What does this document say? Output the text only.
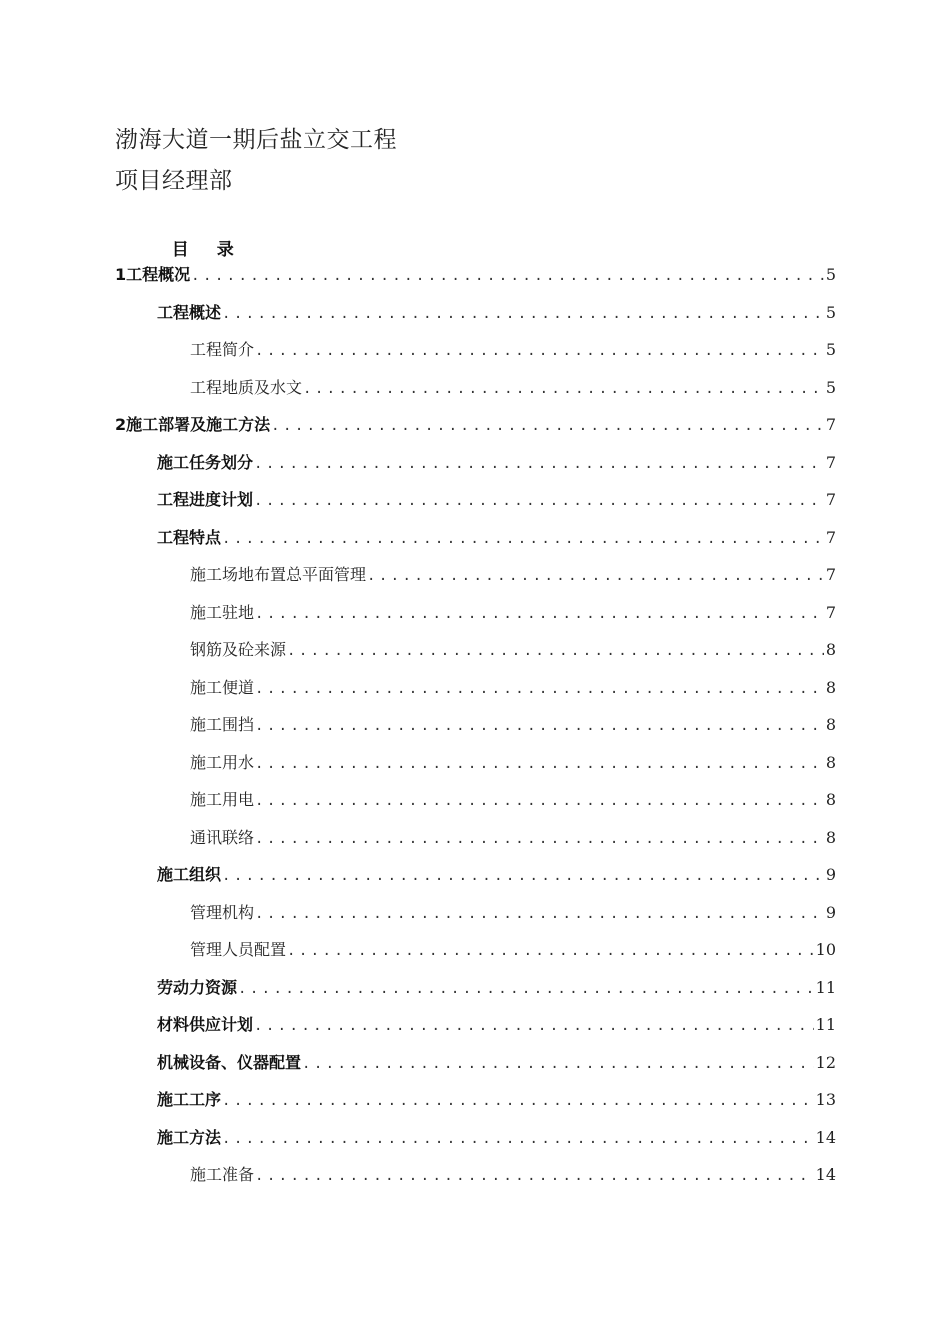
渤海大道一期后盐立交工程
项目经理部

目 录

1 工程概况 .....	5
工程概述 .....	5
工程简介 .....	5
工程地质及水文 .....	5
2 施工部署及施工方法 .....	7
施工任务划分 .....	7
工程进度计划 .....	7
工程特点 .....	7
施工场地布置总平面管理 .....	7
施工驻地 .....	7
钢筋及砼来源 .....	8
施工便道 .....	8
施工围挡 .....	8
施工用水 .....	8
施工用电 .....	8
通讯联络 .....	8
施工组织 .....	9
管理机构 .....	9
管理人员配置 .....	10
劳动力资源 .....	11
材料供应计划 .....	11
机械设备、仪器配置 .....	12
施工工序 .....	13
施工方法 .....	14
施工准备 .....	14
